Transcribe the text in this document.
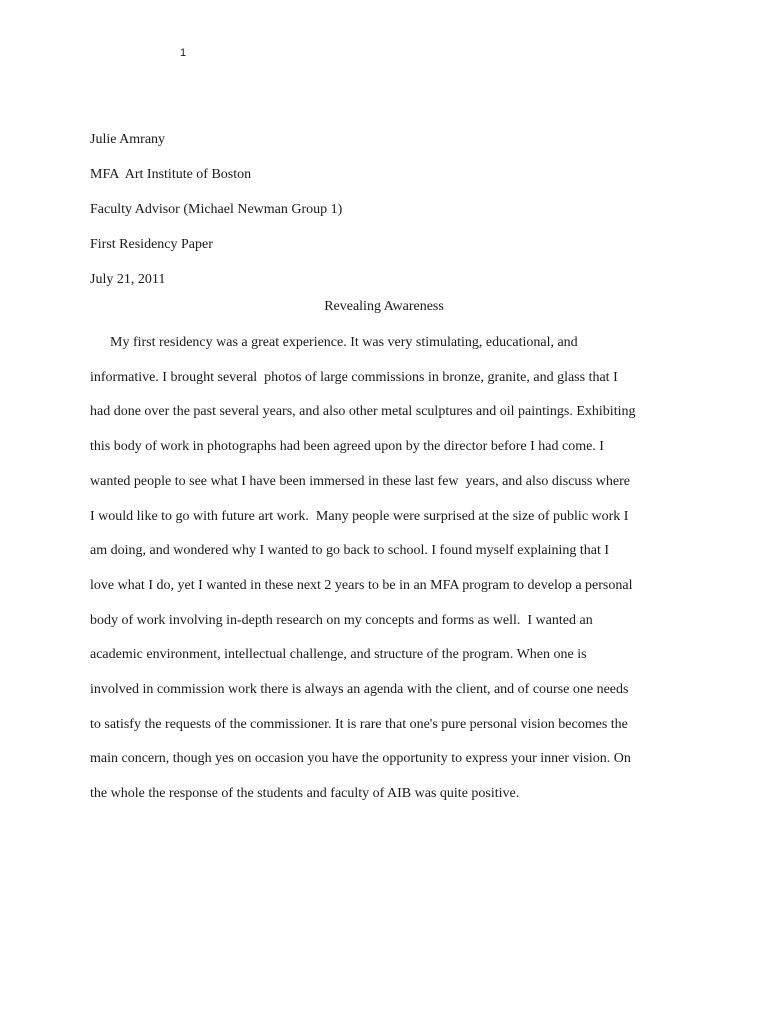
1
Julie Amrany
MFA  Art Institute of Boston
Faculty Advisor (Michael Newman Group 1)
First Residency Paper
July 21, 2011
Revealing Awareness
My first residency was a great experience. It was very stimulating, educational, and
informative. I brought several  photos of large commissions in bronze, granite, and glass that I
had done over the past several years, and also other metal sculptures and oil paintings. Exhibiting
this body of work in photographs had been agreed upon by the director before I had come. I
wanted people to see what I have been immersed in these last few  years, and also discuss where
I would like to go with future art work.  Many people were surprised at the size of public work I
am doing, and wondered why I wanted to go back to school. I found myself explaining that I
love what I do, yet I wanted in these next 2 years to be in an MFA program to develop a personal
body of work involving in-depth research on my concepts and forms as well.  I wanted an
academic environment, intellectual challenge, and structure of the program. When one is
involved in commission work there is always an agenda with the client, and of course one needs
to satisfy the requests of the commissioner. It is rare that one's pure personal vision becomes the
main concern, though yes on occasion you have the opportunity to express your inner vision. On
the whole the response of the students and faculty of AIB was quite positive.
